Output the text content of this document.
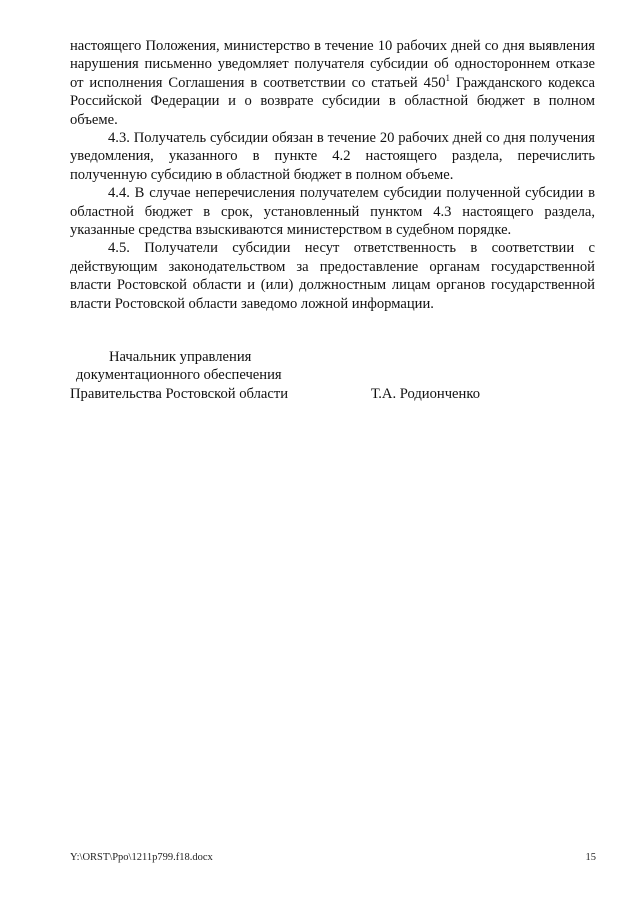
настоящего Положения, министерство в течение 10 рабочих дней со дня выявления нарушения письменно уведомляет получателя субсидии об одностороннем отказе от исполнения Соглашения в соответствии со статьей $450^1$ Гражданского кодекса Российской Федерации и о возврате субсидии в областной бюджет в полном объеме.

4.3. Получатель субсидии обязан в течение 20 рабочих дней со дня получения уведомления, указанного в пункте 4.2 настоящего раздела, перечислить полученную субсидию в областной бюджет в полном объеме.

4.4. В случае неперечисления получателем субсидии полученной субсидии в областной бюджет в срок, установленный пунктом 4.3 настоящего раздела, указанные средства взыскиваются министерством в судебном порядке.

4.5. Получатели субсидии несут ответственность в соответствии с действующим законодательством за предоставление органам государственной власти Ростовской области и (или) должностным лицам органов государственной власти Ростовской области заведомо ложной информации.

Начальник управления
документационного обеспечения
Правительства Ростовской области	Т.А. Родионченко
Y:\ORST\Ppo\1211p799.f18.docx	15
